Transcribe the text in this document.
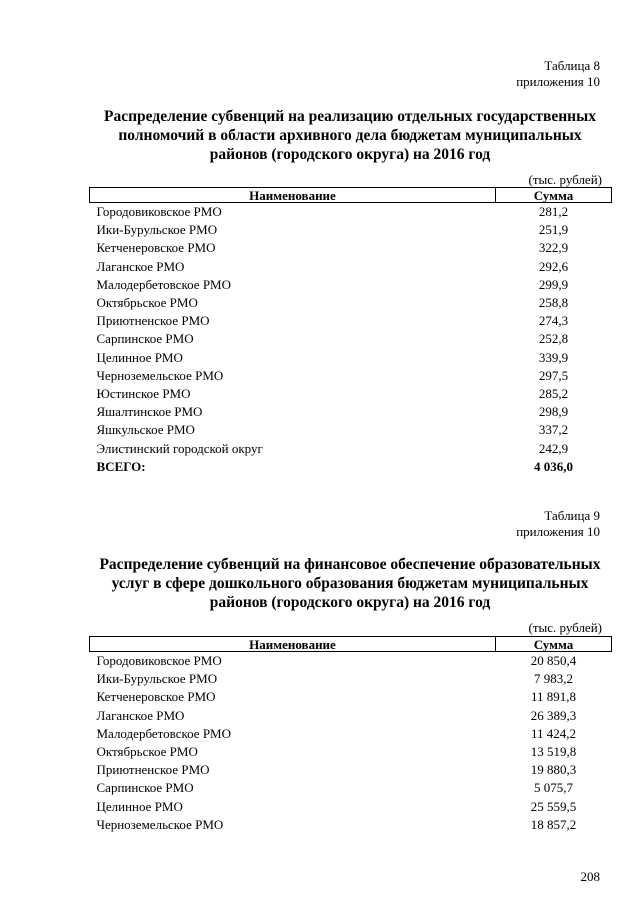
Таблица 8
приложения 10
Распределение субвенций на реализацию отдельных государственных
полномочий в области архивного дела бюджетам муниципальных
районов (городского округа) на 2016 год
(тыс. рублей)
Наименование	Сумма
Городовиковское РМО	281,2
Ики-Бурульское РМО	251,9
Кетченеровское РМО	322,9
Лаганское РМО	292,6
Малодербетовское РМО	299,9
Октябрьское РМО	258,8
Приютненское РМО	274,3
Сарпинское РМО	252,8
Целинное РМО	339,9
Черноземельское РМО	297,5
Юстинское РМО	285,2
Яшалтинское РМО	298,9
Яшкульское РМО	337,2
Элистинский городской округ	242,9
ВСЕГО:	4 036,0
Таблица 9
приложения 10
Распределение субвенций на финансовое обеспечение образовательных
услуг в сфере дошкольного образования бюджетам муниципальных
районов (городского округа) на 2016 год
(тыс. рублей)
Наименование	Сумма
Городовиковское РМО	20 850,4
Ики-Бурульское РМО	7 983,2
Кетченеровское РМО	11 891,8
Лаганское РМО	26 389,3
Малодербетовское РМО	11 424,2
Октябрьское РМО	13 519,8
Приютненское РМО	19 880,3
Сарпинское РМО	5 075,7
Целинное РМО	25 559,5
Черноземельское РМО	18 857,2
208
